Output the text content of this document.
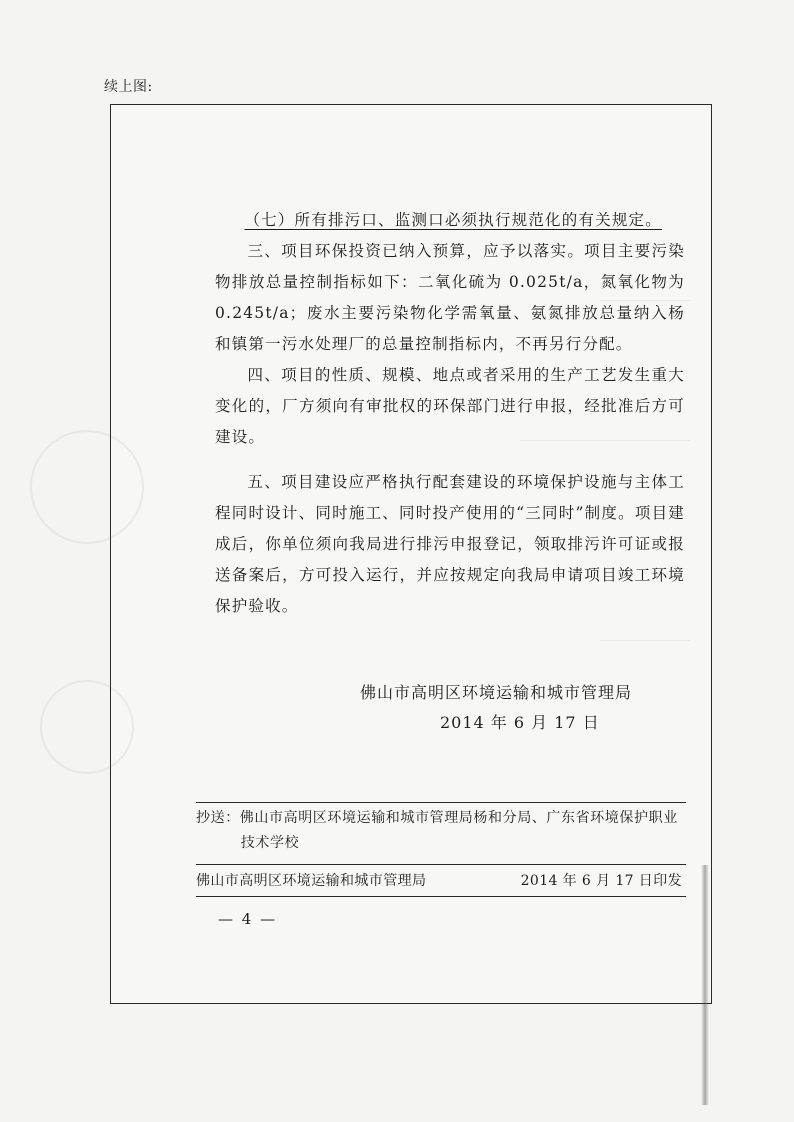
续上图:

（七）所有排污口、监测口必须执行规范化的有关规定。

三、项目环保投资已纳入预算，应予以落实。项目主要污染物排放总量控制指标如下：二氧化硫为 0.025t/a，氮氧化物为 0.245t/a；废水主要污染物化学需氧量、氨氮排放总量纳入杨和镇第一污水处理厂的总量控制指标内，不再另行分配。

四、项目的性质、规模、地点或者采用的生产工艺发生重大变化的，厂方须向有审批权的环保部门进行申报，经批准后方可建设。

五、项目建设应严格执行配套建设的环境保护设施与主体工程同时设计、同时施工、同时投产使用的“三同时”制度。项目建成后，你单位须向我局进行排污申报登记，领取排污许可证或报送备案后，方可投入运行，并应按规定向我局申请项目竣工环境保护验收。

佛山市高明区环境运输和城市管理局
2014 年 6 月 17 日
抄送：佛山市高明区环境运输和城市管理局杨和分局、广东省环境保护职业
技术学校
佛山市高明区环境运输和城市管理局	2014 年 6 月 17 日印发
— 4 —
